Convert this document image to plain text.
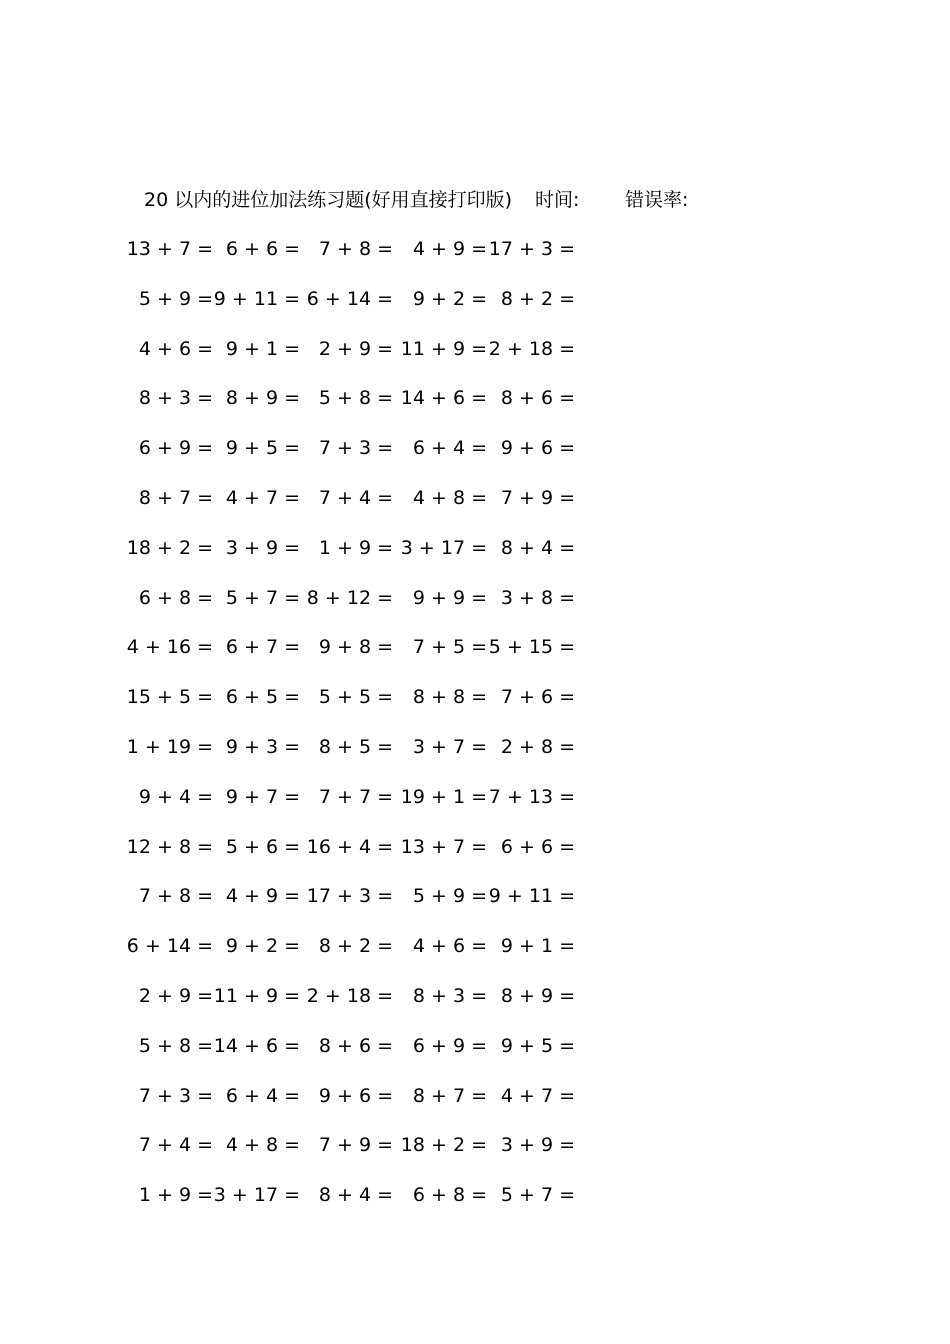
20 以内的进位加法练习题(好用直接打印版) 时间: 错误率:
13 + 7 = 6 + 6 = 7 + 8 = 4 + 9 = 17 + 3 =
5 + 9 = 9 + 11 = 6 + 14 = 9 + 2 = 8 + 2 =
4 + 6 = 9 + 1 = 2 + 9 = 11 + 9 = 2 + 18 =
8 + 3 = 8 + 9 = 5 + 8 = 14 + 6 = 8 + 6 =
6 + 9 = 9 + 5 = 7 + 3 = 6 + 4 = 9 + 6 =
8 + 7 = 4 + 7 = 7 + 4 = 4 + 8 = 7 + 9 =
18 + 2 = 3 + 9 = 1 + 9 = 3 + 17 = 8 + 4 =
6 + 8 = 5 + 7 = 8 + 12 = 9 + 9 = 3 + 8 =
4 + 16 = 6 + 7 = 9 + 8 = 7 + 5 = 5 + 15 =
15 + 5 = 6 + 5 = 5 + 5 = 8 + 8 = 7 + 6 =
1 + 19 = 9 + 3 = 8 + 5 = 3 + 7 = 2 + 8 =
9 + 4 = 9 + 7 = 7 + 7 = 19 + 1 = 7 + 13 =
12 + 8 = 5 + 6 = 16 + 4 = 13 + 7 = 6 + 6 =
7 + 8 = 4 + 9 = 17 + 3 = 5 + 9 = 9 + 11 =
6 + 14 = 9 + 2 = 8 + 2 = 4 + 6 = 9 + 1 =
2 + 9 = 11 + 9 = 2 + 18 = 8 + 3 = 8 + 9 =
5 + 8 = 14 + 6 = 8 + 6 = 6 + 9 = 9 + 5 =
7 + 3 = 6 + 4 = 9 + 6 = 8 + 7 = 4 + 7 =
7 + 4 = 4 + 8 = 7 + 9 = 18 + 2 = 3 + 9 =
1 + 9 = 3 + 17 = 8 + 4 = 6 + 8 = 5 + 7 =
